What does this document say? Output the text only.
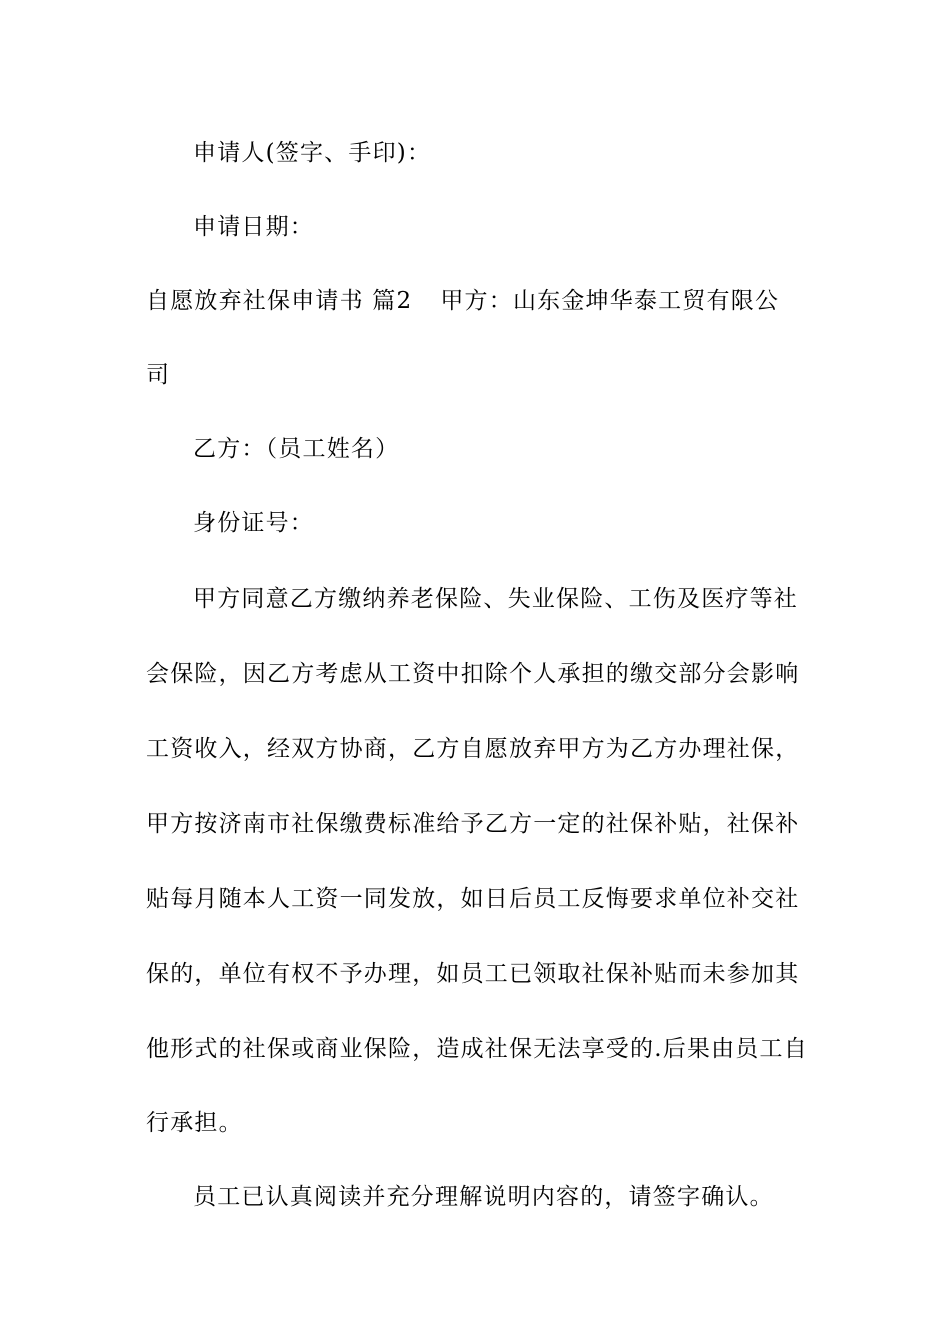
申请人(签字、手印)：
申请日期：
自愿放弃社保申请书 篇2 甲方：山东金坤华泰工贸有限公
司
乙方：（员工姓名）
身份证号：
甲方同意乙方缴纳养老保险、失业保险、工伤及医疗等社
会保险，因乙方考虑从工资中扣除个人承担的缴交部分会影响
工资收入，经双方协商，乙方自愿放弃甲方为乙方办理社保，
甲方按济南市社保缴费标准给予乙方一定的社保补贴，社保补
贴每月随本人工资一同发放，如日后员工反悔要求单位补交社
保的，单位有权不予办理，如员工已领取社保补贴而未参加其
他形式的社保或商业保险，造成社保无法享受的.后果由员工自
行承担。
员工已认真阅读并充分理解说明内容的，请签字确认。
